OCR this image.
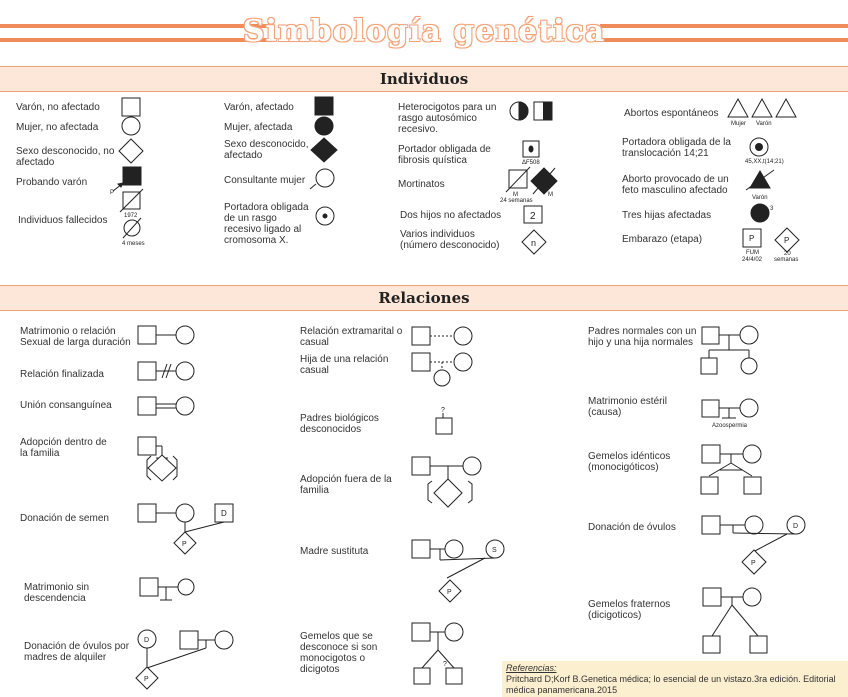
Simbología genética
Individuos
Relaciones
Varón, no afectado
Mujer, no afectada
Sexo desconocido, no afectado
Probando varón
Individuos fallecidos
Varón, afectado
Mujer, afectada
Sexo desconocido, afectado
Consultante mujer
Portadora obligada de un rasgo recesivo ligado al cromosoma X.
Heterocigotos para un rasgo autosómico recesivo.
Portador obligada de fibrosis quística
Mortinatos
Dos hijos no afectados
Varios individuos (número desconocido)
Abortos espontáneos
Portadora obligada de la translocación 14;21
Aborto provocado de un feto masculino afectado
Tres hijas afectadas
Embarazo (etapa)
Matrimonio o relación Sexual de larga duración
Relación finalizada
Unión consanguínea
Adopción dentro de la familia
Donación de semen
Matrimonio sin descendencia
Donación de óvulos por madres de alquiler
Relación extramarital o casual
Hija de una relación casual
Padres biológicos desconocidos
Adopción fuera de la familia
Madre sustituta
Gemelos que se desconoce si son monocigotos o dicigotos
Padres normales con un hijo y una hija normales
Matrimonio estéril (causa)
Gemelos idénticos (monocigóticos)
Donación de óvulos
Gemelos fraternos (dicigoticos)
P
1972
4 meses
ΔF508
M
24 semanas
M
2
n
Mujer Varón
45,XX,t(14;21)
Varón
3
P
FUM
24/4/02
P
20
semanas
D
P
D
P
?
S
P
?
Azoospermia
D
P
Referencias:
Pritchard D;Korf B.Genetica médica; lo esencial de un vistazo.3ra edición. Editorial médica panamericana.2015
